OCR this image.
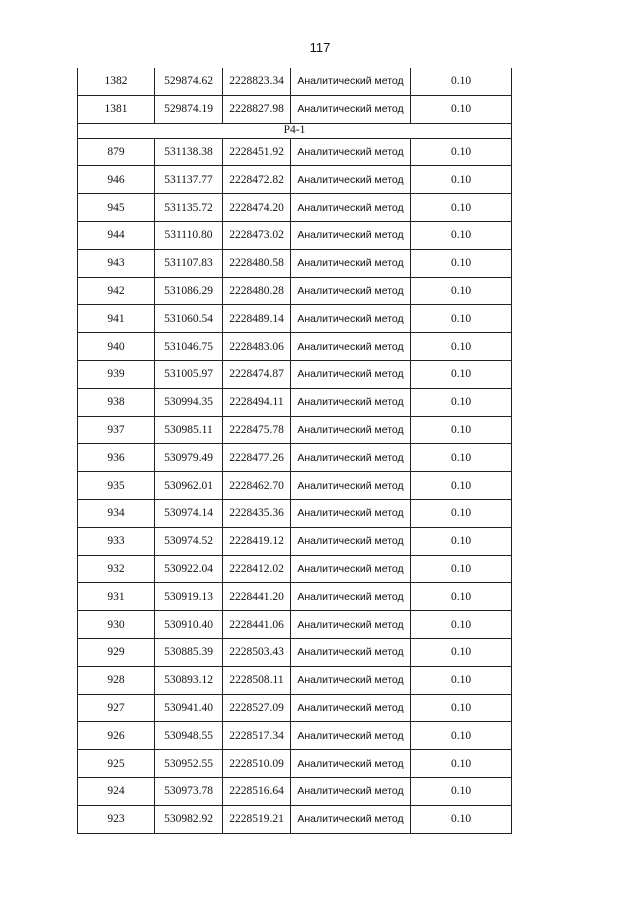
117
1382	529874.62	2228823.34	Аналитический метод	0.10
1381	529874.19	2228827.98	Аналитический метод	0.10
Р4-1				
879	531138.38	2228451.92	Аналитический метод	0.10
946	531137.77	2228472.82	Аналитический метод	0.10
945	531135.72	2228474.20	Аналитический метод	0.10
944	531110.80	2228473.02	Аналитический метод	0.10
943	531107.83	2228480.58	Аналитический метод	0.10
942	531086.29	2228480.28	Аналитический метод	0.10
941	531060.54	2228489.14	Аналитический метод	0.10
940	531046.75	2228483.06	Аналитический метод	0.10
939	531005.97	2228474.87	Аналитический метод	0.10
938	530994.35	2228494.11	Аналитический метод	0.10
937	530985.11	2228475.78	Аналитический метод	0.10
936	530979.49	2228477.26	Аналитический метод	0.10
935	530962.01	2228462.70	Аналитический метод	0.10
934	530974.14	2228435.36	Аналитический метод	0.10
933	530974.52	2228419.12	Аналитический метод	0.10
932	530922.04	2228412.02	Аналитический метод	0.10
931	530919.13	2228441.20	Аналитический метод	0.10
930	530910.40	2228441.06	Аналитический метод	0.10
929	530885.39	2228503.43	Аналитический метод	0.10
928	530893.12	2228508.11	Аналитический метод	0.10
927	530941.40	2228527.09	Аналитический метод	0.10
926	530948.55	2228517.34	Аналитический метод	0.10
925	530952.55	2228510.09	Аналитический метод	0.10
924	530973.78	2228516.64	Аналитический метод	0.10
923	530982.92	2228519.21	Аналитический метод	0.10
